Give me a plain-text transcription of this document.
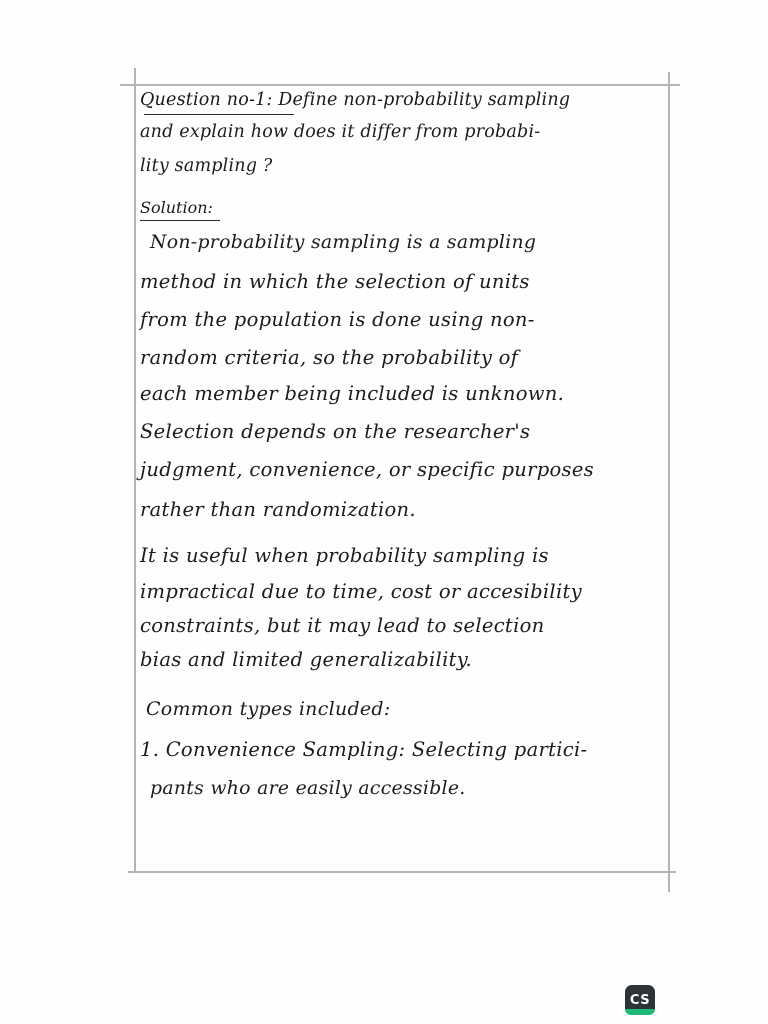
Question no-1: Define non-probability sampling
and explain how does it differ from probabi-
lity sampling ?
Solution:
Non-probability sampling is a sampling
method in which the selection of units
from the population is done using non-
random criteria, so the probability of
each member being included is unknown.
Selection depends on the researcher's
judgment, convenience, or specific purposes
rather than randomization.
It is useful when probability sampling is
impractical due to time, cost or accesibility
constraints, but it may lead to selection
bias and limited generalizability.
Common types included:
1. Convenience Sampling: Selecting partici-
pants who are easily accessible.
CS
